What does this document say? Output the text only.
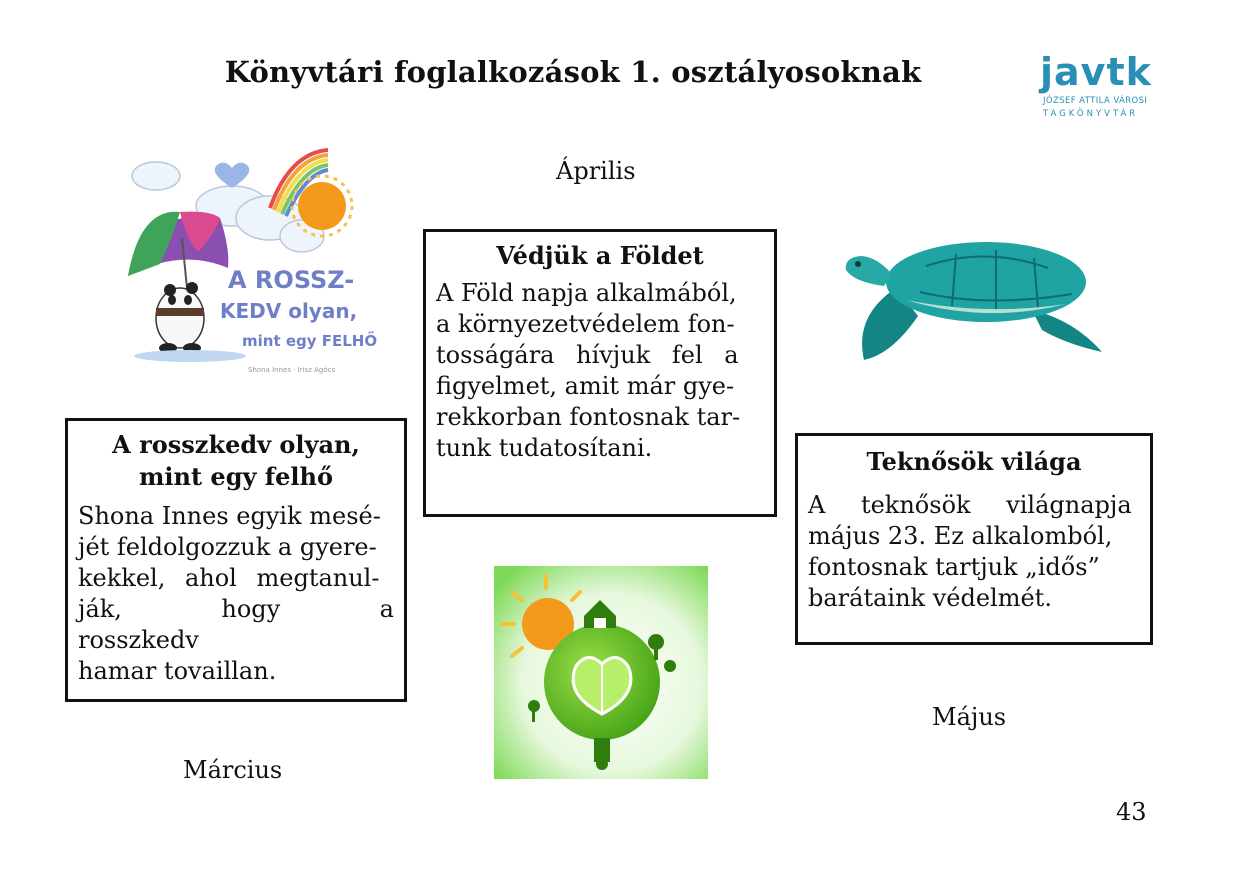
Könyvtári foglalkozások 1. osztályosoknak	javtk
JÓZSEF ATTILA VÁROSI
TAGKÖNYVTÁR
A ROSSZ-
KEDV olyan,
mint egy FELHŐ
Shona Innes · Irisz Agócs
Április
Védjük a Földet

A Föld napja alkalmából,
a környezetvédelem fon-
tosságára hívjuk fel a
figyelmet, amit már gye-
rekkorban fontosnak tar-
tunk tudatosítani.

A rosszkedv olyan,
mint egy felhő

Shona Innes egyik mesé-
jét feldolgozzuk a gyere-
kekkel, ahol megtanul-
ják, hogy a rosszkedv
hamar tovaillan.

Teknősök világa

A teknősök világnapja
május 23. Ez alkalomból,
fontosnak tartjuk „idős”
barátaink védelmét.

Május
Március
43
